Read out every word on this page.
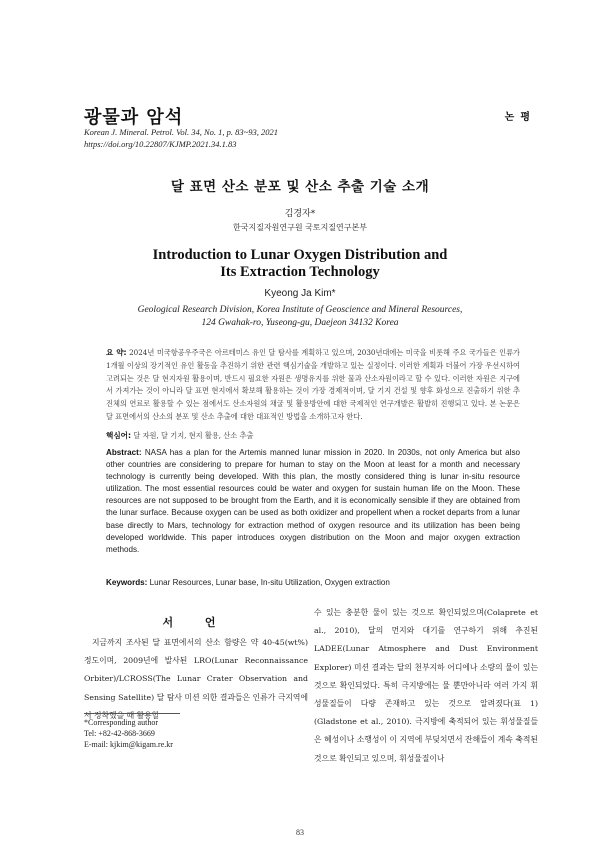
광물과 암석	논평
Korean J. Mineral. Petrol. Vol. 34, No. 1, p. 83~93, 2021
https://doi.org/10.22807/KJMP.2021.34.1.83
달 표면 산소 분포 및 산소 추출 기술 소개
김경자*
한국지질자원연구원 국토지질연구본부
Introduction to Lunar Oxygen Distribution and
Its Extraction Technology
Kyeong Ja Kim*
Geological Research Division, Korea Institute of Geoscience and Mineral Resources,
124 Gwahak-ro, Yuseong-gu, Daejeon 34132 Korea
요 약: 2024년 미국항공우주국은 아르테미스 유인 달 탐사를 계획하고 있으며, 2030년대에는 미국을 비롯해 주요 국가들은 인류가 1개월 이상의 장기적인 유인 활동을 추진하기 위한 관련 핵심기술을 개발하고 있는 실정이다. 이러한 계획과 더불어 가장 우선시하여 고려되는 것은 달 현지자원 활용이며, 반드시 필요한 자원은 생명유지를 위한 물과 산소자원이라고 할 수 있다. 이러한 자원은 지구에서 가져가는 것이 아니라 달 표면 현지에서 확보해 활용하는 것이 가장 경제적이며, 달 기지 건설 및 향후 화성으로 진출하기 위한 추진체의 연료로 활용할 수 있는 점에서도 산소자원의 채굴 및 활용방안에 대한 국제적인 연구개발은 활발히 진행되고 있다. 본 논문은 달 표면에서의 산소의 분포 및 산소 추출에 대한 대표적인 방법을 소개하고자 한다.
핵심어: 달 자원, 달 기지, 현지 활용, 산소 추출
Abstract: NASA has a plan for the Artemis manned lunar mission in 2020. In 2030s, not only America but also other countries are considering to prepare for human to stay on the Moon at least for a month and necessary technology is currently being developed. With this plan, the mostly considered thing is lunar in-situ resource utilization. The most essential resources could be water and oxygen for sustain human life on the Moon. These resources are not supposed to be brought from the Earth, and it is economically sensible if they are obtained from the lunar surface. Because oxygen can be used as both oxidizer and propellent when a rocket departs from a lunar base directly to Mars, technology for extraction method of oxygen resource and its utilization has been being developed worldwide. This paper introduces oxygen distribution on the Moon and major oxygen extraction methods.
Keywords: Lunar Resources, Lunar base, In-situ Utilization, Oxygen extraction
서 언

지금까지 조사된 달 표면에서의 산소 함량은 약 40-45(wt%) 정도이며, 2009년에 발사된 LRO(Lunar Reconnaissance Orbiter)/LCROSS(The Lunar Crater Observation and Sensing Satellite) 달 탐사 미션 의한 결과들은 인류가 극지역에서 정착했을 때 활용할

수 있는 충분한 물이 있는 것으로 확인되었으며(Colaprete et al., 2010), 달의 먼지와 대기를 연구하기 위해 추진된 LADEE(Lunar Atmosphere and Dust Environment Explorer) 미션 결과는 달의 천부지하 어디에나 소량의 물이 있는 것으로 확인되었다. 특히 극지방에는 물 뿐만아니라 여러 가지 휘성물질들이 다량 존재하고 있는 것으로 알려졌다(표 1) (Gladstone et al., 2010). 극지방에 축적되어 있는 휘성물질들은 혜성이나 소행성이 이 지역에 부딪치면서 잔해들이 계속 축적된 것으로 확인되고 있으며, 휘성물질이나

*Corresponding author
Tel: +82-42-868-3669
E-mail: kjkim@kigam.re.kr
83
